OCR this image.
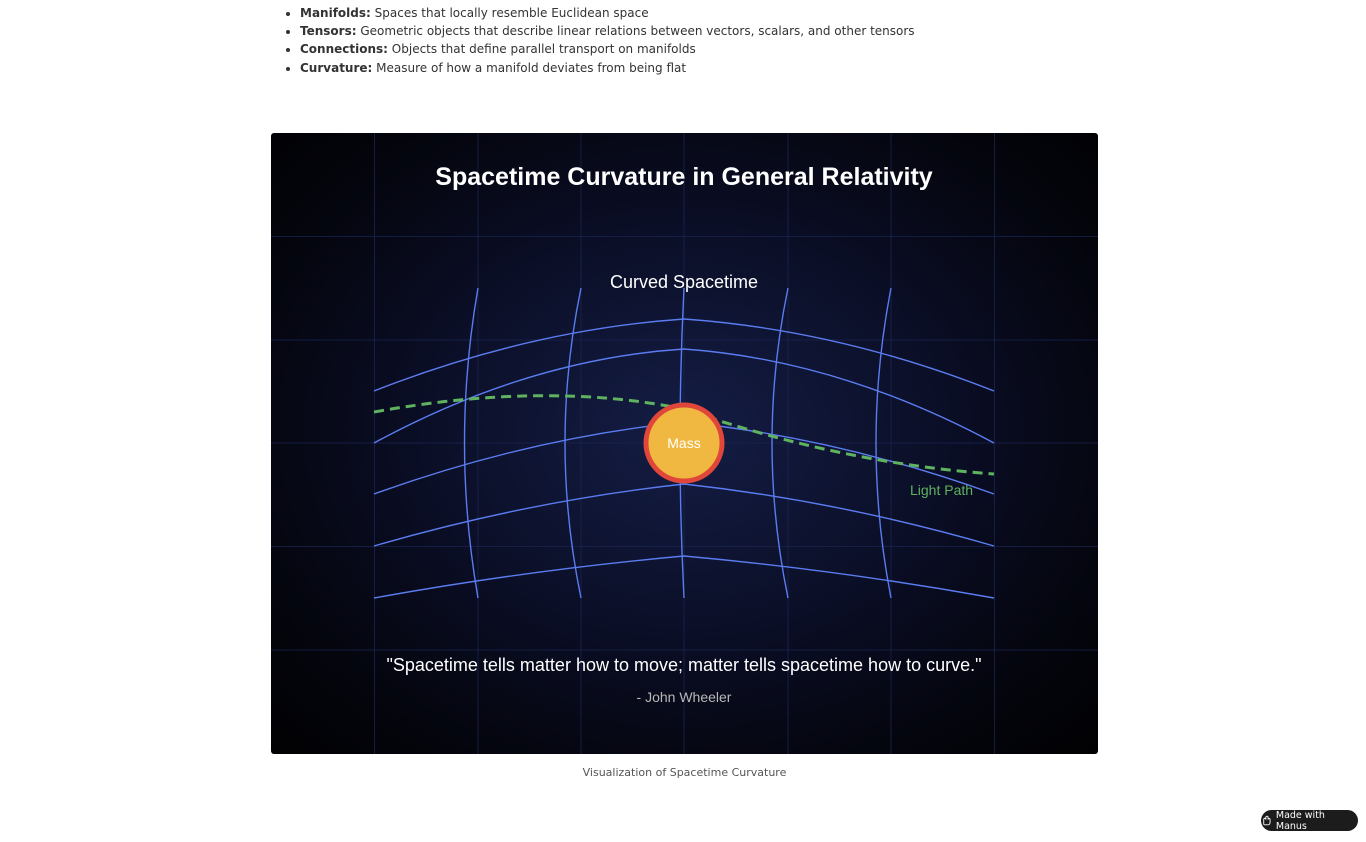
• Manifolds: Spaces that locally resemble Euclidean space
• Tensors: Geometric objects that describe linear relations between vectors, scalars, and other tensors
• Connections: Objects that define parallel transport on manifolds
• Curvature: Measure of how a manifold deviates from being flat
Spacetime Curvature in General Relativity
Curved Spacetime
Light Path
Mass
"Spacetime tells matter how to move; matter tells spacetime how to curve."
- John Wheeler
Visualization of Spacetime Curvature
Made with Manus
